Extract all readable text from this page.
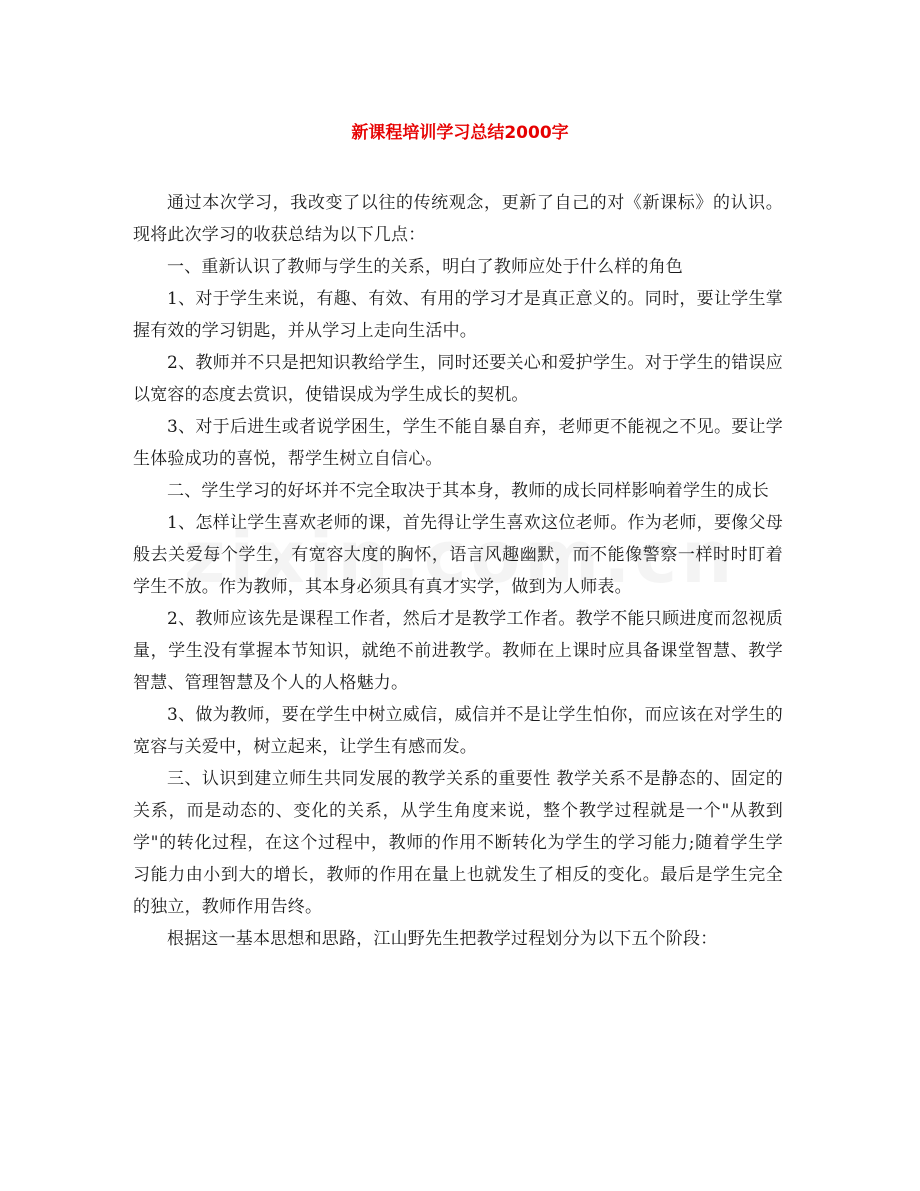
新课程培训学习总结2000字

通过本次学习，我改变了以往的传统观念，更新了自己的对《新课标》的认识。现将此次学习的收获总结为以下几点：

一、重新认识了教师与学生的关系，明白了教师应处于什么样的角色

1、对于学生来说，有趣、有效、有用的学习才是真正意义的。同时，要让学生掌握有效的学习钥匙，并从学习上走向生活中。

2、教师并不只是把知识教给学生，同时还要关心和爱护学生。对于学生的错误应以宽容的态度去赏识，使错误成为学生成长的契机。

3、对于后进生或者说学困生，学生不能自暴自弃，老师更不能视之不见。要让学生体验成功的喜悦，帮学生树立自信心。

二、学生学习的好坏并不完全取决于其本身，教师的成长同样影响着学生的成长

1、怎样让学生喜欢老师的课，首先得让学生喜欢这位老师。作为老师，要像父母般去关爱每个学生，有宽容大度的胸怀，语言风趣幽默，而不能像警察一样时时盯着学生不放。作为教师，其本身必须具有真才实学，做到为人师表。

2、教师应该先是课程工作者，然后才是教学工作者。教学不能只顾进度而忽视质量，学生没有掌握本节知识，就绝不前进教学。教师在上课时应具备课堂智慧、教学智慧、管理智慧及个人的人格魅力。

3、做为教师，要在学生中树立威信，威信并不是让学生怕你，而应该在对学生的宽容与关爱中，树立起来，让学生有感而发。

三、认识到建立师生共同发展的教学关系的重要性 教学关系不是静态的、固定的关系，而是动态的、变化的关系，从学生角度来说，整个教学过程就是一个"从教到学"的转化过程，在这个过程中，教师的作用不断转化为学生的学习能力;随着学生学习能力由小到大的增长，教师的作用在量上也就发生了相反的变化。最后是学生完全的独立，教师作用告终。

根据这一基本思想和思路，江山野先生把教学过程划分为以下五个阶段：
